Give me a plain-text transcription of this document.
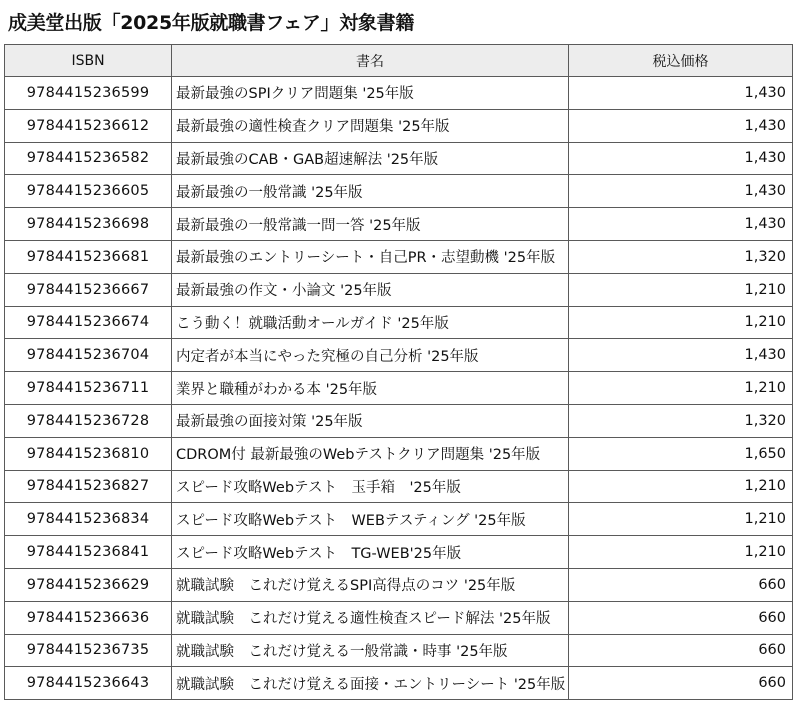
成美堂出版「2025年版就職書フェア」対象書籍
ISBN	書名	税込価格
9784415236599	最新最強のSPIクリア問題集 '25年版	1,430
9784415236612	最新最強の適性検査クリア問題集 '25年版	1,430
9784415236582	最新最強のCAB・GAB超速解法 '25年版	1,430
9784415236605	最新最強の一般常識 '25年版	1,430
9784415236698	最新最強の一般常識一問一答 '25年版	1,430
9784415236681	最新最強のエントリーシート・自己PR・志望動機 '25年版	1,320
9784415236667	最新最強の作文・小論文 '25年版	1,210
9784415236674	こう動く！就職活動オールガイド '25年版	1,210
9784415236704	内定者が本当にやった究極の自己分析 '25年版	1,430
9784415236711	業界と職種がわかる本 '25年版	1,210
9784415236728	最新最強の面接対策 '25年版	1,320
9784415236810	CDROM付 最新最強のWebテストクリア問題集 '25年版	1,650
9784415236827	スピード攻略Webテスト　玉手箱　'25年版	1,210
9784415236834	スピード攻略Webテスト　WEBテスティング '25年版	1,210
9784415236841	スピード攻略Webテスト　TG-WEB'25年版	1,210
9784415236629	就職試験　これだけ覚えるSPI高得点のコツ '25年版	660
9784415236636	就職試験　これだけ覚える適性検査スピード解法 '25年版	660
9784415236735	就職試験　これだけ覚える一般常識・時事 '25年版	660
9784415236643	就職試験　これだけ覚える面接・エントリーシート '25年版	660
